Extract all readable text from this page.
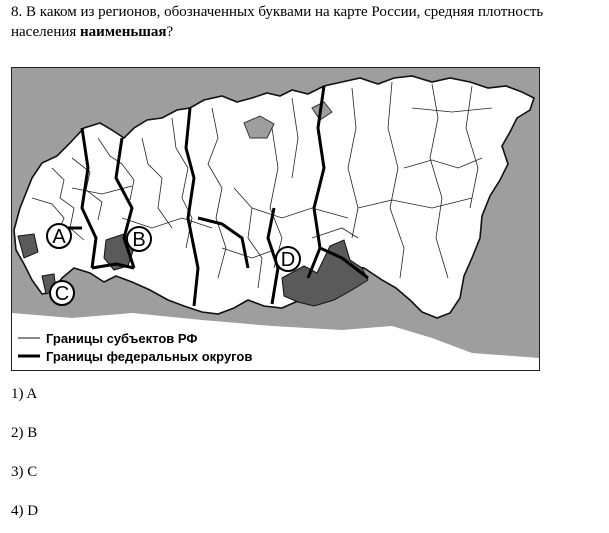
8. В каком из регионов, обозначенных буквами на карте России, средняя плотность населения наименьшая?
A	B
C
D
Границы субъектов РФ
Границы федеральных округов
1) A
2) B
3) C
4) D
